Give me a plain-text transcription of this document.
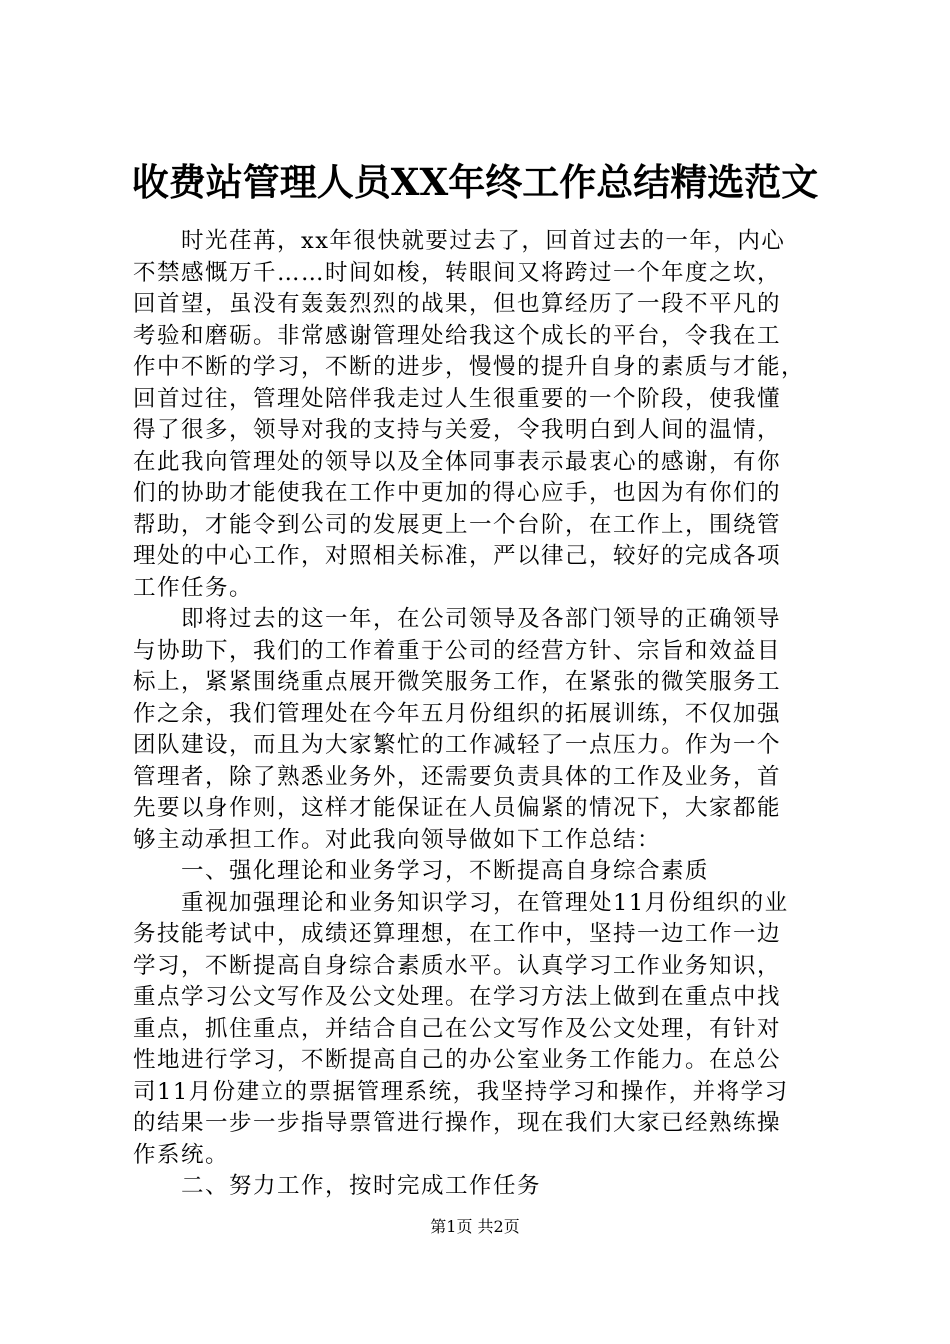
收费站管理人员XX年终工作总结精选范文
时光荏苒，xx年很快就要过去了，回首过去的一年，内心
不禁感慨万千……时间如梭，转眼间又将跨过一个年度之坎，
回首望，虽没有轰轰烈烈的战果，但也算经历了一段不平凡的
考验和磨砺。非常感谢管理处给我这个成长的平台，令我在工
作中不断的学习，不断的进步，慢慢的提升自身的素质与才能，
回首过往，管理处陪伴我走过人生很重要的一个阶段，使我懂
得了很多，领导对我的支持与关爱，令我明白到人间的温情，
在此我向管理处的领导以及全体同事表示最衷心的感谢，有你
们的协助才能使我在工作中更加的得心应手，也因为有你们的
帮助，才能令到公司的发展更上一个台阶，在工作上，围绕管
理处的中心工作，对照相关标准，严以律己，较好的完成各项
工作任务。
即将过去的这一年，在公司领导及各部门领导的正确领导
与协助下，我们的工作着重于公司的经营方针、宗旨和效益目
标上，紧紧围绕重点展开微笑服务工作，在紧张的微笑服务工
作之余，我们管理处在今年五月份组织的拓展训练，不仅加强
团队建设，而且为大家繁忙的工作减轻了一点压力。作为一个
管理者，除了熟悉业务外，还需要负责具体的工作及业务，首
先要以身作则，这样才能保证在人员偏紧的情况下，大家都能
够主动承担工作。对此我向领导做如下工作总结：
一、强化理论和业务学习，不断提高自身综合素质
重视加强理论和业务知识学习，在管理处11月份组织的业
务技能考试中，成绩还算理想，在工作中，坚持一边工作一边
学习，不断提高自身综合素质水平。认真学习工作业务知识，
重点学习公文写作及公文处理。在学习方法上做到在重点中找
重点，抓住重点，并结合自己在公文写作及公文处理，有针对
性地进行学习，不断提高自己的办公室业务工作能力。在总公
司11月份建立的票据管理系统，我坚持学习和操作，并将学习
的结果一步一步指导票管进行操作，现在我们大家已经熟练操
作系统。
二、努力工作，按时完成工作任务
第1页 共2页
